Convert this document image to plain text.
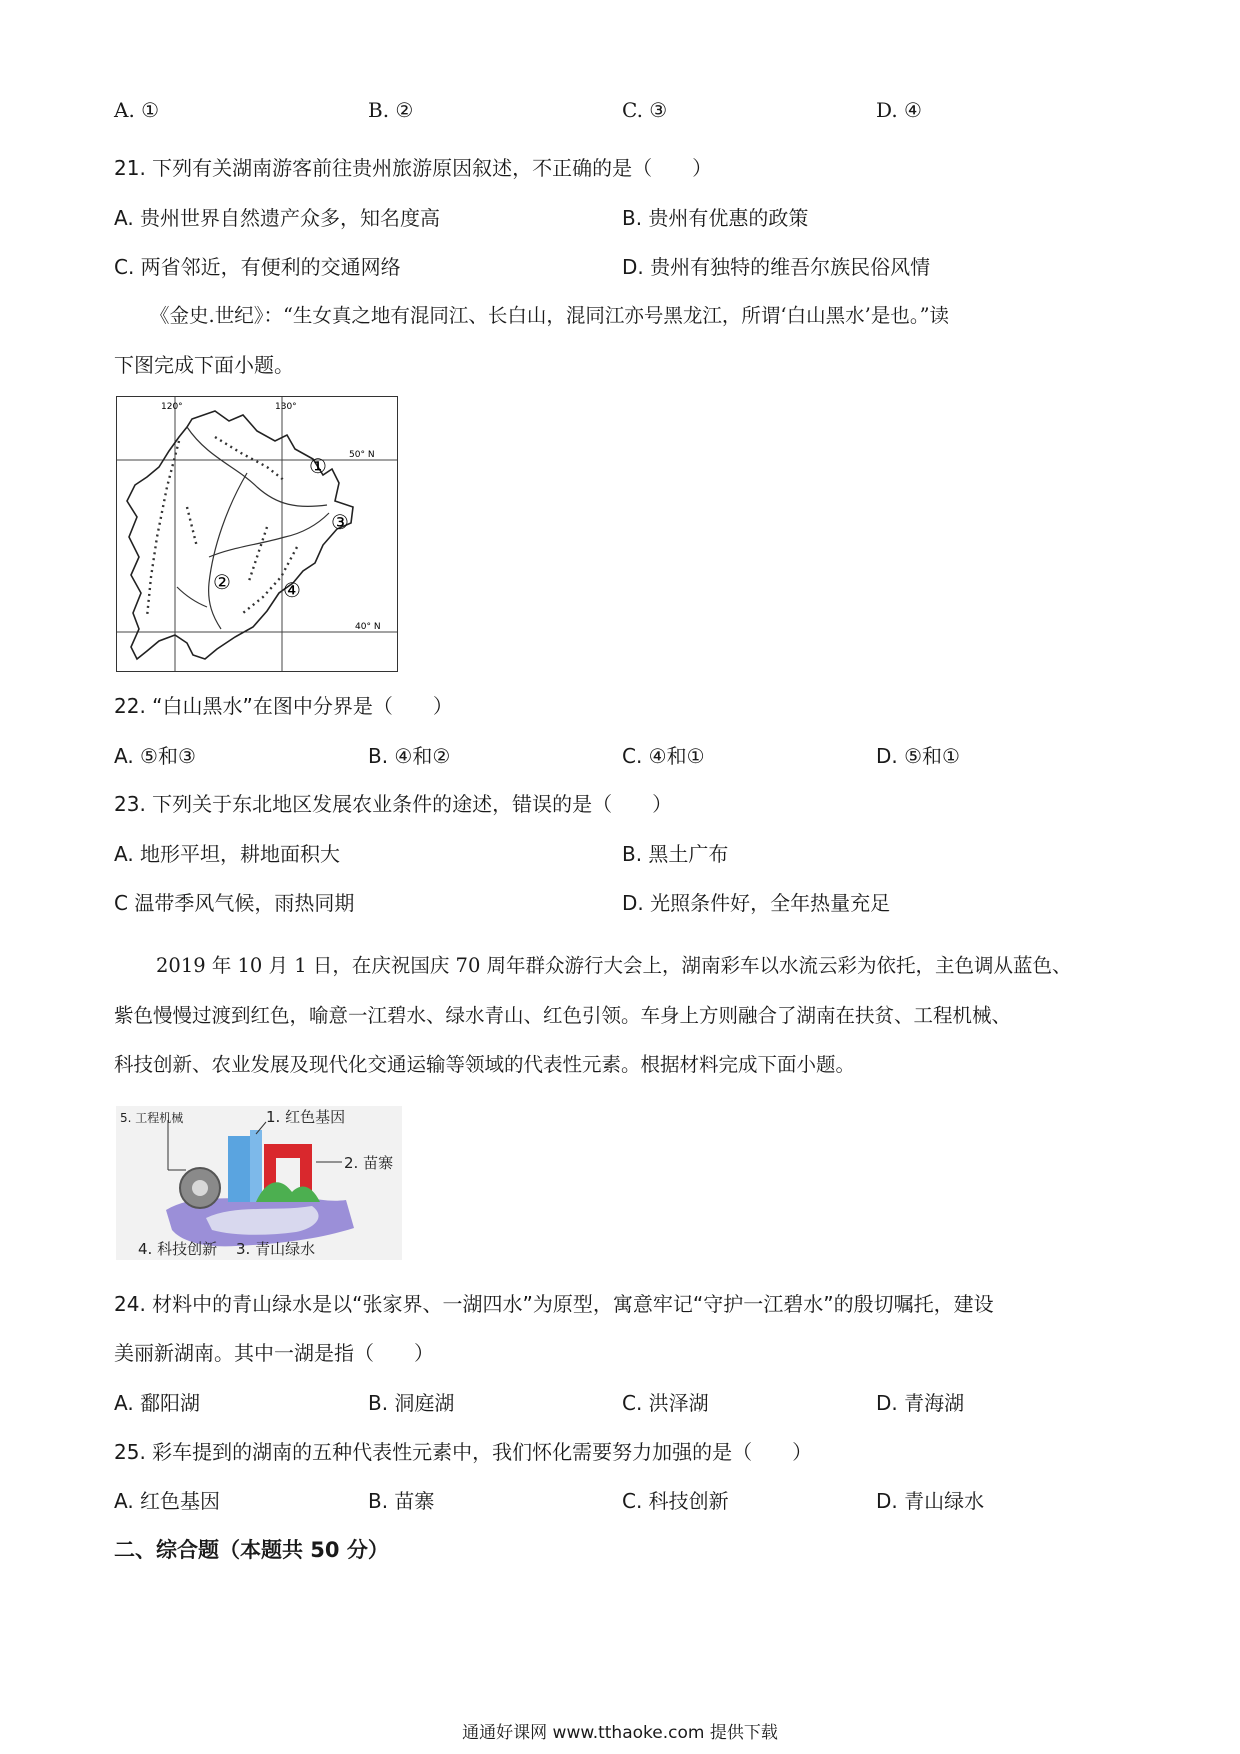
A. ①	B. ②	C. ③	D. ④
21. 下列有关湖南游客前往贵州旅游原因叙述，不正确的是（　　）
A. 贵州世界自然遗产众多，知名度高	B. 贵州有优惠的政策
C. 两省邻近，有便利的交通网络	D. 贵州有独特的维吾尔族民俗风情
《金史.世纪》：“生女真之地有混同江、长白山，混同江亦号黑龙江，所谓‘白山黑水’是也。”读
下图完成下面小题。
120°	130°
50° N
40° N
①
②
③
④
22. “白山黑水”在图中分界是（　　）
A. ⑤和③	B. ④和②	C. ④和①	D. ⑤和①
23. 下列关于东北地区发展农业条件的途述，错误的是（　　）
A. 地形平坦，耕地面积大	B. 黑土广布
C 温带季风气候，雨热同期	D. 光照条件好，全年热量充足
2019 年 10 月 1 日，在庆祝国庆 70 周年群众游行大会上，湖南彩车以水流云彩为依托，主色调从蓝色、
紫色慢慢过渡到红色，喻意一江碧水、绿水青山、红色引领。车身上方则融合了湖南在扶贫、工程机械、
科技创新、农业发展及现代化交通运输等领域的代表性元素。根据材料完成下面小题。
5. 工程机械	1. 红色基因
2. 苗寨
4. 科技创新 3. 青山绿水
24. 材料中的青山绿水是以“张家界、一湖四水”为原型，寓意牢记“守护一江碧水”的殷切嘱托，建设
美丽新湖南。其中一湖是指（　　）
A. 鄱阳湖	B. 洞庭湖	C. 洪泽湖	D. 青海湖
25. 彩车提到的湖南的五种代表性元素中，我们怀化需要努力加强的是（　　）
A. 红色基因	B. 苗寨	C. 科技创新	D. 青山绿水
二、综合题（本题共 50 分）
通通好课网 www.tthaoke.com 提供下载
